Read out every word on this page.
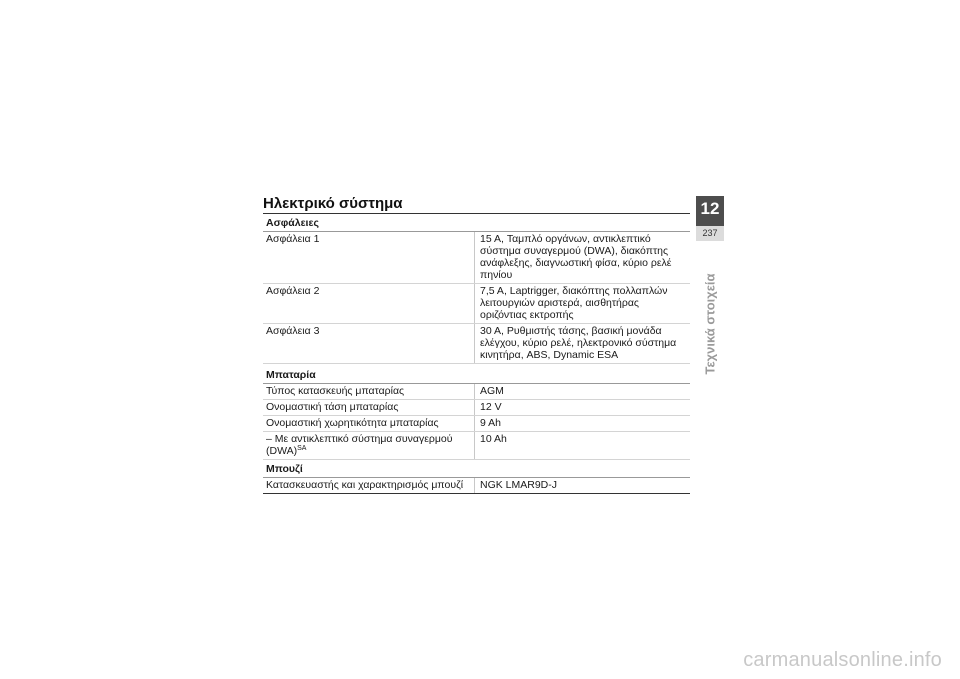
Ηλεκτρικό σύστημα

Ασφάλειες	
Ασφάλεια 1	15 A, Ταμπλό οργάνων, αντικλεπτικό σύστημα συναγερμού (DWA), διακόπτης ανάφλεξης, διαγνωστική φίσα, κύριο ρελέ πηνίου
Ασφάλεια 2	7,5 A, Laptrigger, διακόπτης πολλαπλών λειτουργιών αριστερά, αισθητήρας οριζόντιας εκτροπής
Ασφάλεια 3	30 A, Ρυθμιστής τάσης, βασική μονάδα ελέγχου, κύριο ρελέ, ηλεκτρονικό σύστημα κινητήρα, ABS, Dynamic ESA
Μπαταρία	
Τύπος κατασκευής μπαταρίας	AGM
Ονομαστική τάση μπαταρίας	12 V
Ονομαστική χωρητικότητα μπαταρίας	9 Ah
– Με αντικλεπτικό σύστημα συναγερμού (DWA)$^{SA}$	10 Ah
Μπουζί	
Κατασκευαστής και χαρακτηρισμός μπουζί	NGK LMAR9D-J
12
237
Τεχνικά στοιχεία
carmanualsonline.info
